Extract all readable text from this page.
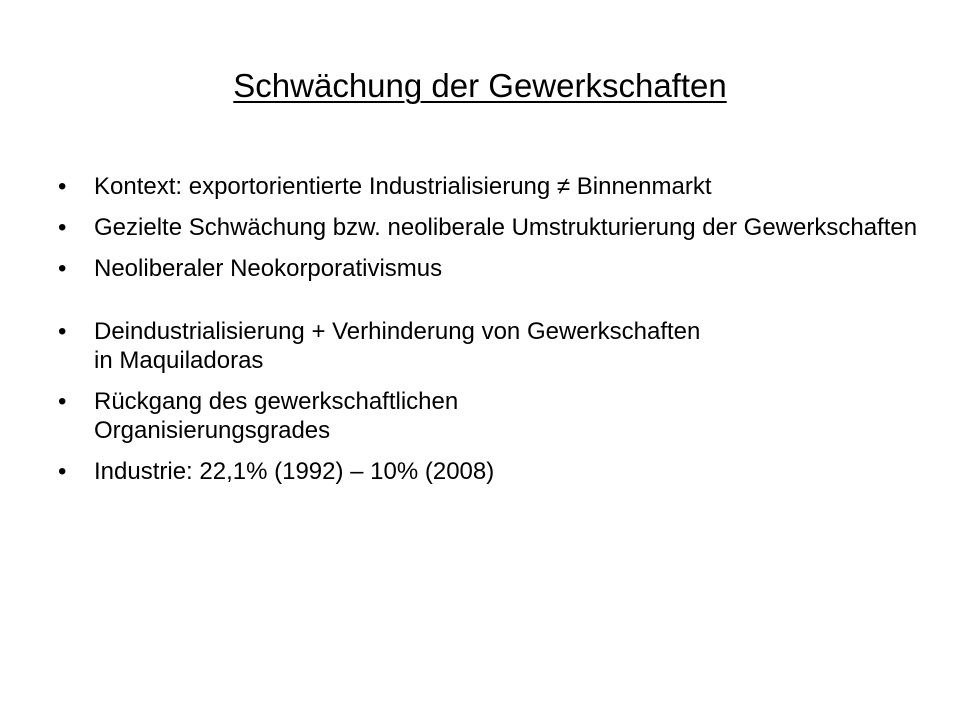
Schwächung der Gewerkschaften
•	Kontext: exportorientierte Industrialisierung ≠ Binnenmarkt
•	Gezielte Schwächung bzw. neoliberale Umstrukturierung der Gewerkschaften
•	Neoliberaler Neokorporativismus
•	Deindustrialisierung + Verhinderung von Gewerkschaften in Maquiladoras
•	Rückgang des gewerkschaftlichen Organisierungsgrades
•	Industrie: 22,1% (1992) – 10% (2008)
